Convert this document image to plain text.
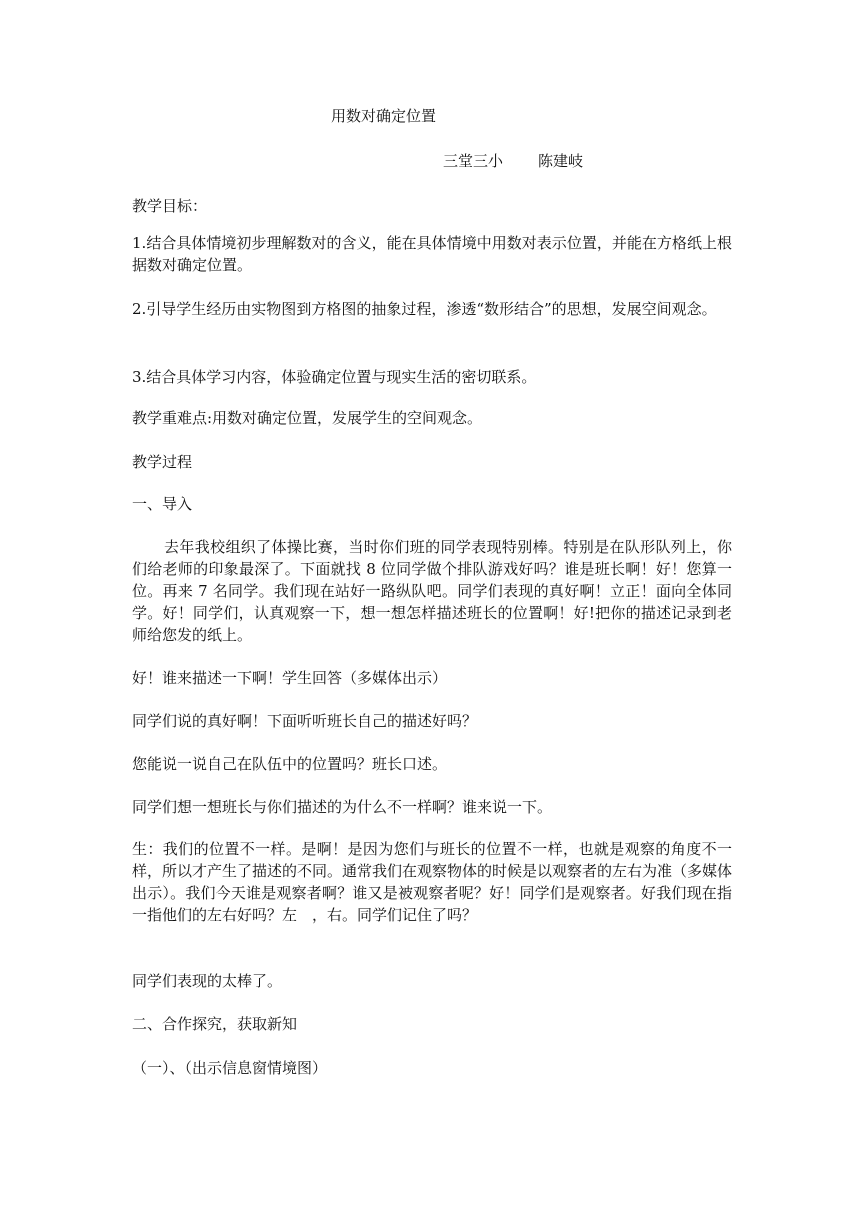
用数对确定位置
三堂三小 陈建岐
教学目标：
1.结合具体情境初步理解数对的含义，能在具体情境中用数对表示位置，并能在方格纸上根据数对确定位置。
2.引导学生经历由实物图到方格图的抽象过程，渗透“数形结合”的思想，发展空间观念。
3.结合具体学习内容，体验确定位置与现实生活的密切联系。
教学重难点:用数对确定位置，发展学生的空间观念。
教学过程
一、导入
去年我校组织了体操比赛，当时你们班的同学表现特别棒。特别是在队形队列上，你们给老师的印象最深了。下面就找 8 位同学做个排队游戏好吗？谁是班长啊！好！您算一位。再来 7 名同学。我们现在站好一路纵队吧。同学们表现的真好啊！立正！面向全体同学。好！同学们，认真观察一下，想一想怎样描述班长的位置啊！好!把你的描述记录到老师给您发的纸上。
好！谁来描述一下啊！学生回答（多媒体出示）
同学们说的真好啊！下面听听班长自己的描述好吗？
您能说一说自己在队伍中的位置吗？班长口述。
同学们想一想班长与你们描述的为什么不一样啊？谁来说一下。
生：我们的位置不一样。是啊！是因为您们与班长的位置不一样，也就是观察的角度不一样，所以才产生了描述的不同。通常我们在观察物体的时候是以观察者的左右为准（多媒体出示）。我们今天谁是观察者啊？谁又是被观察者呢？好！同学们是观察者。好我们现在指一指他们的左右好吗？左　，右。同学们记住了吗？
同学们表现的太棒了。
二、合作探究，获取新知
（一）、（出示信息窗情境图）
